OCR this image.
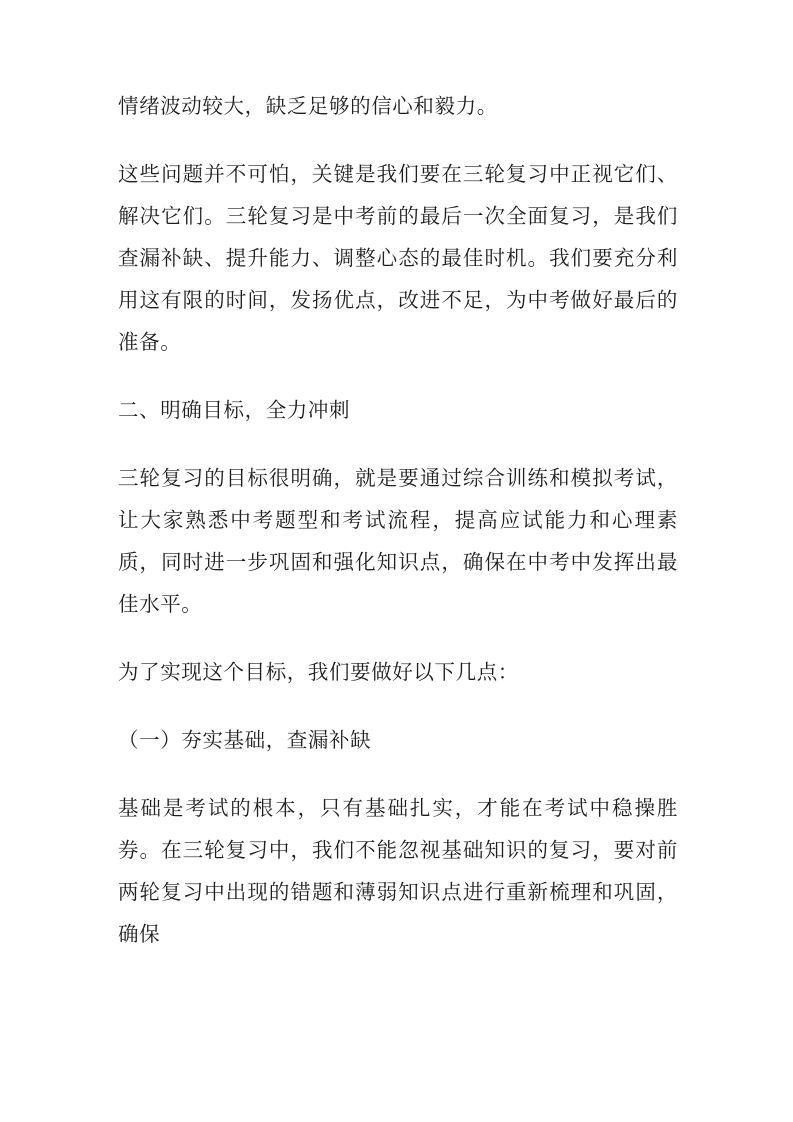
情绪波动较大，缺乏足够的信心和毅力。

这些问题并不可怕，关键是我们要在三轮复习中正视它们、解决它们。三轮复习是中考前的最后一次全面复习，是我们查漏补缺、提升能力、调整心态的最佳时机。我们要充分利用这有限的时间，发扬优点，改进不足，为中考做好最后的准备。

二、明确目标，全力冲刺

三轮复习的目标很明确，就是要通过综合训练和模拟考试，让大家熟悉中考题型和考试流程，提高应试能力和心理素质，同时进一步巩固和强化知识点，确保在中考中发挥出最佳水平。

为了实现这个目标，我们要做好以下几点：

（一）夯实基础，查漏补缺

基础是考试的根本，只有基础扎实，才能在考试中稳操胜券。在三轮复习中，我们不能忽视基础知识的复习，要对前两轮复习中出现的错题和薄弱知识点进行重新梳理和巩固，确保
